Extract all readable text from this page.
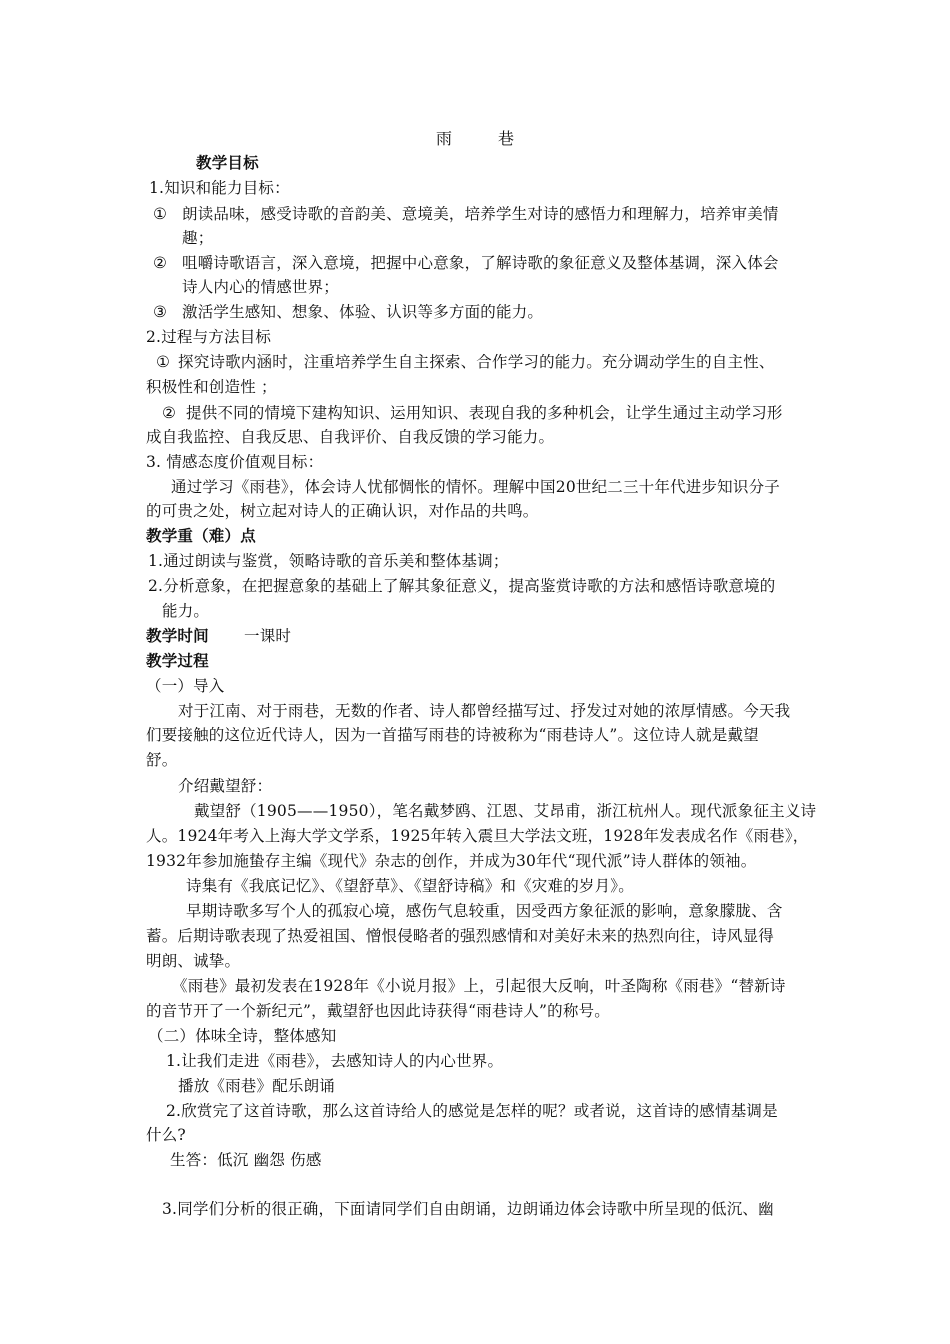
雨	巷
教学目标
1.知识和能力目标：
① 朗读品味，感受诗歌的音韵美、意境美，培养学生对诗的感悟力和理解力，培养审美情
趣；
② 咀嚼诗歌语言，深入意境，把握中心意象，了解诗歌的象征意义及整体基调，深入体会
诗人内心的情感世界；
③ 激活学生感知、想象、体验、认识等多方面的能力。
2.过程与方法目标
① 探究诗歌内涵时，注重培养学生自主探索、合作学习的能力。充分调动学生的自主性、
积极性和创造性 ；
② 提供不同的情境下建构知识、运用知识、表现自我的多种机会，让学生通过主动学习形
成自我监控、自我反思、自我评价、自我反馈的学习能力。
3. 情感态度价值观目标：
通过学习《雨巷》，体会诗人忧郁惆怅的情怀。理解中国20世纪二三十年代进步知识分子
的可贵之处，树立起对诗人的正确认识，对作品的共鸣。
教学重（难）点
1.通过朗读与鉴赏，领略诗歌的音乐美和整体基调；
2.分析意象，在把握意象的基础上了解其象征意义，提高鉴赏诗歌的方法和感悟诗歌意境的
能力。
教学时间	一课时
教学过程
（一）导入
对于江南、对于雨巷，无数的作者、诗人都曾经描写过、抒发过对她的浓厚情感。今天我
们要接触的这位近代诗人，因为一首描写雨巷的诗被称为“雨巷诗人”。这位诗人就是戴望
舒。
介绍戴望舒：
戴望舒（1905——1950），笔名戴梦鸥、江恩、艾昂甫，浙江杭州人。现代派象征主义诗
人。1924年考入上海大学文学系，1925年转入震旦大学法文班，1928年发表成名作《雨巷》，
1932年参加施蛰存主编《现代》杂志的创作，并成为30年代“现代派”诗人群体的领袖。
诗集有《我底记忆》、《望舒草》、《望舒诗稿》和《灾难的岁月》。
早期诗歌多写个人的孤寂心境，感伤气息较重，因受西方象征派的影响，意象朦胧、含
蓄。后期诗歌表现了热爱祖国、憎恨侵略者的强烈感情和对美好未来的热烈向往，诗风显得
明朗、诚挚。
《雨巷》最初发表在1928年《小说月报》上，引起很大反响，叶圣陶称《雨巷》“替新诗
的音节开了一个新纪元”，戴望舒也因此诗获得“雨巷诗人”的称号。
（二）体味全诗，整体感知
1.让我们走进《雨巷》，去感知诗人的内心世界。
播放《雨巷》配乐朗诵
2.欣赏完了这首诗歌，那么这首诗给人的感觉是怎样的呢？或者说，这首诗的感情基调是
什么?
生答：低沉 幽怨 伤感
3.同学们分析的很正确，下面请同学们自由朗诵，边朗诵边体会诗歌中所呈现的低沉、幽
